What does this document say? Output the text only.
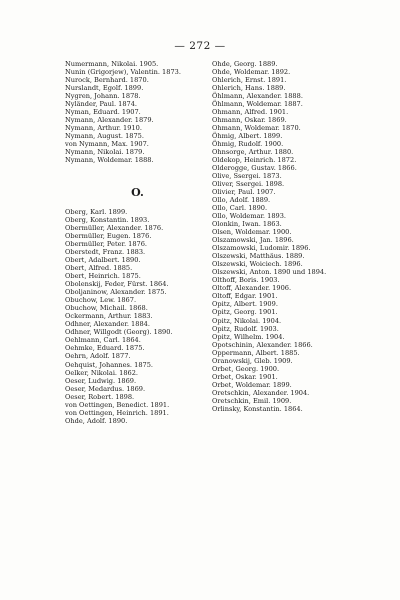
— 272 —
Numermann, Nikolai. 1905.
Nunin (Grigorjew), Valentin. 1873.
Nurock, Bernhard. 1870.
Nurslandt, Egolf. 1899.
Nygren, Johann. 1878.
Nyländer, Paul. 1874.
Nyman, Eduard. 1907.
Nymann, Alexander. 1879.
Nymann, Arthur. 1910.
Nymann, August. 1875.
von Nymann, Max. 1907.
Nymann, Nikolai. 1879.
Nymann, Woldemar. 1888.
O.
Oberg, Karl. 1899.
Oberg, Konstantin. 1893.
Obermüller, Alexander. 1876.
Obermüller, Eugen. 1876.
Obermüller, Peter. 1876.
Oberstedt, Franz. 1883.
Obert, Adalbert. 1890.
Obert, Alfred. 1885.
Obert, Heinrich. 1875.
Obolenskij, Feder, Fürst. 1864.
Oboljaninow, Alexander. 1875.
Obuchow, Lew. 1867.
Obuchow, Michail. 1868.
Ockermann, Arthur. 1883.
Odhner, Alexander. 1884.
Odhner, Willgodt (Georg). 1890.
Oehlmann, Carl. 1864.
Oehmke, Eduard. 1875.
Oehrn, Adolf. 1877.
Oehquist, Johannes. 1875.
Oelker, Nikolai. 1862.
Oeser, Ludwig. 1869.
Oeser, Medardus. 1869.
Oeser, Robert. 1898.
von Oettingen, Benedict. 1891.
von Oettingen, Heinrich. 1891.
Ohde, Adolf. 1890.
Ohde, Georg. 1889.
Ohde, Woldemar. 1892.
Ohlerich, Ernst. 1891.
Ohlerich, Hans. 1889.
Öhlmann, Alexander. 1888.
Öhlmann, Woldemar. 1887.
Ohmann, Alfred. 1901.
Ohmann, Oskar. 1869.
Ohmann, Woldemar. 1870.
Öhmig, Albert. 1899.
Öhmig, Rudolf. 1900.
Ohnsorge, Arthur. 1880.
Oldekop, Heinrich. 1872.
Olderogge, Gustav. 1866.
Olive, Ssergei. 1873.
Oliver, Ssergei. 1898.
Olivier, Paul. 1907.
Ollo, Adolf. 1889.
Ollo, Carl. 1890.
Ollo, Woldemar. 1893.
Olonkin, Iwan. 1863.
Olsen, Woldemar. 1900.
Olszamowski, Jan. 1896.
Olszamowski, Ludomir. 1896.
Olszewski, Matthäus. 1889.
Olszewski, Woiciech. 1896.
Olszewski, Anton. 1890 und 1894.
Olthoff, Boris. 1903.
Oltoff, Alexander. 1906.
Oltoff, Edgar. 1901.
Opitz, Albert. 1909.
Opitz, Georg. 1901.
Opitz, Nikolai. 1904.
Opitz, Rudolf. 1903.
Opitz, Wilhelm. 1904.
Opotschinin, Alexander. 1866.
Oppermann, Albert. 1885.
Oranowskij, Gleb. 1909.
Orbet, Georg. 1900.
Orbet, Oskar. 1901.
Orbet, Woldemar. 1899.
Oretschkin, Alexander. 1904.
Oretschkin, Emil. 1909.
Orlinsky, Konstantin. 1864.
